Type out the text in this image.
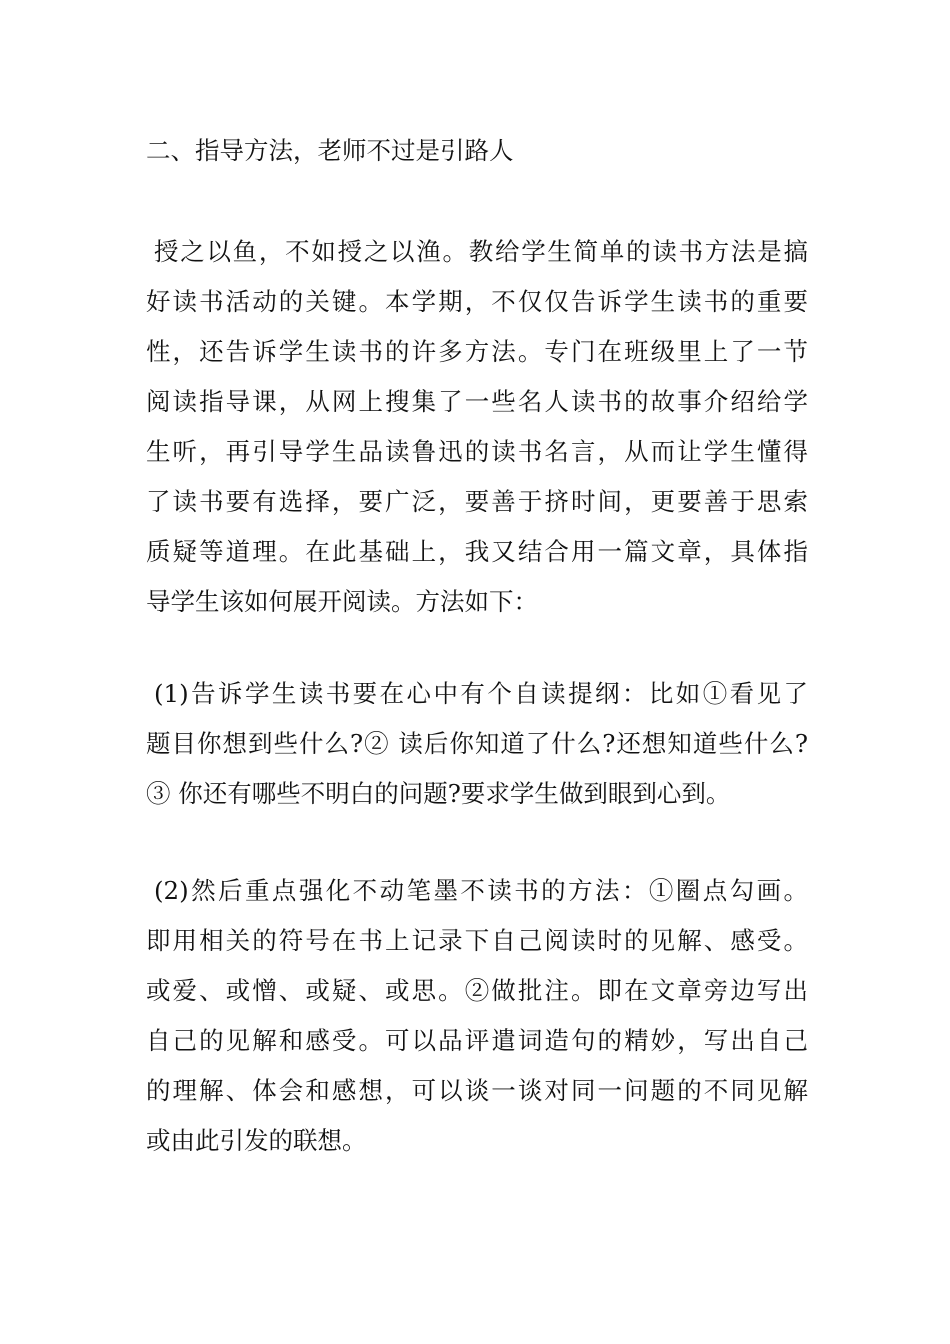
二、指导方法，老师不过是引路人
授之以鱼，不如授之以渔。教给学生简单的读书方法是搞
好读书活动的关键。本学期，不仅仅告诉学生读书的重要
性，还告诉学生读书的许多方法。专门在班级里上了一节
阅读指导课，从网上搜集了一些名人读书的故事介绍给学
生听，再引导学生品读鲁迅的读书名言，从而让学生懂得
了读书要有选择，要广泛，要善于挤时间，更要善于思索
质疑等道理。在此基础上，我又结合用一篇文章，具体指
导学生该如何展开阅读。方法如下：
(1)告诉学生读书要在心中有个自读提纲：比如①看见了
题目你想到些什么?② 读后你知道了什么?还想知道些什么?
③ 你还有哪些不明白的问题?要求学生做到眼到心到。
(2)然后重点强化不动笔墨不读书的方法：①圈点勾画。
即用相关的符号在书上记录下自己阅读时的见解、感受。
或爱、或憎、或疑、或思。②做批注。即在文章旁边写出
自己的见解和感受。可以品评遣词造句的精妙，写出自己
的理解、体会和感想，可以谈一谈对同一问题的不同见解
或由此引发的联想。
